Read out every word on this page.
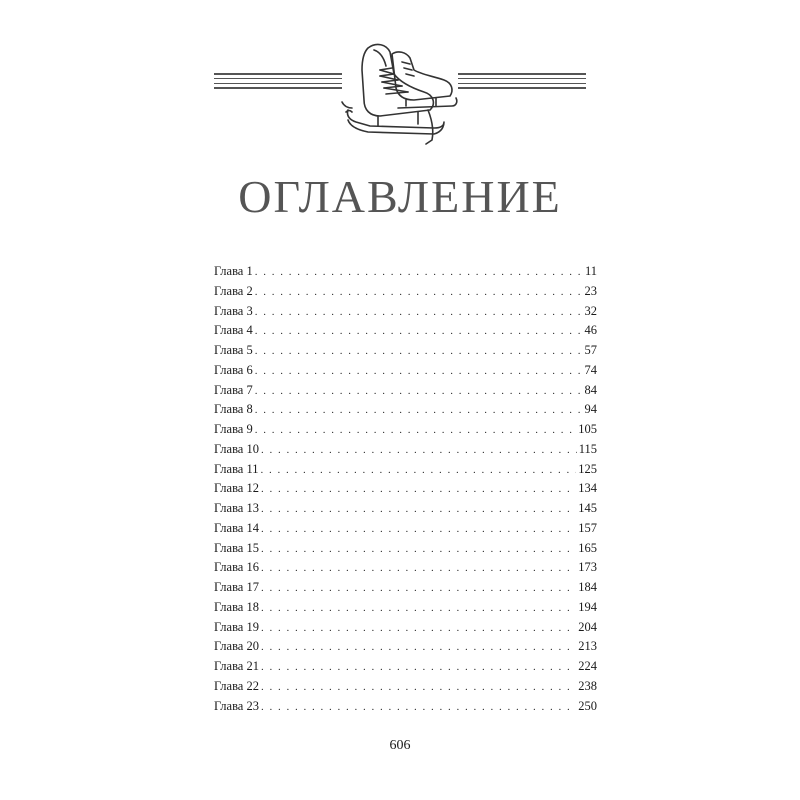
ОГЛАВЛЕНИЕ
Глава 1 . . .	11
Глава 2 . . .	23
Глава 3 . . .	32
Глава 4 . . .	46
Глава 5 . . .	57
Глава 6 . . .	74
Глава 7 . . .	84
Глава 8 . . .	94
Глава 9 . . .	105
Глава 10 . . .	115
Глава 11 . . .	125
Глава 12 . . .	134
Глава 13 . . .	145
Глава 14 . . .	157
Глава 15 . . .	165
Глава 16 . . .	173
Глава 17 . . .	184
Глава 18 . . .	194
Глава 19 . . .	204
Глава 20 . . .	213
Глава 21 . . .	224
Глава 22 . . .	238
Глава 23 . . .	250
606
